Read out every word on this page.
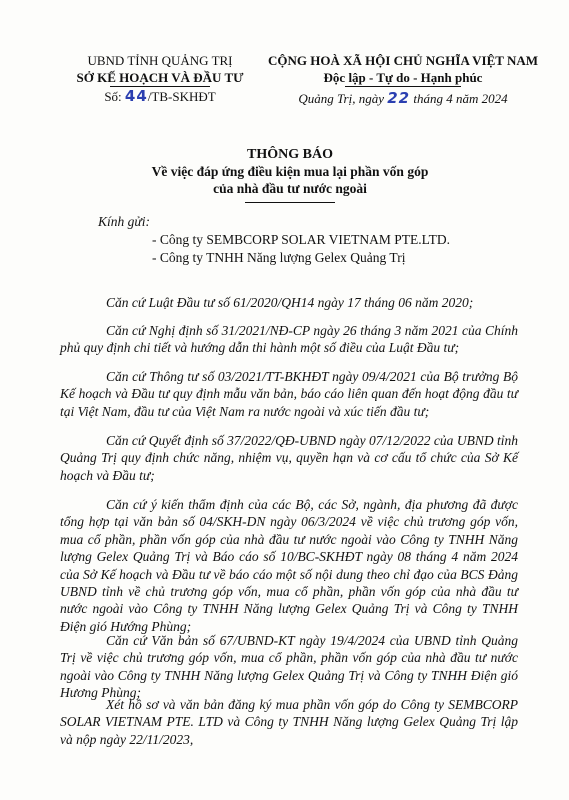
UBND TỈNH QUẢNG TRỊ
SỞ KẾ HOẠCH VÀ ĐẦU TƯ
Số: 44/TB-SKHĐT
CỘNG HOÀ XÃ HỘI CHỦ NGHĨA VIỆT NAM
Độc lập - Tự do - Hạnh phúc
Quảng Trị, ngày 22 tháng 4 năm 2024
THÔNG BÁO
Về việc đáp ứng điều kiện mua lại phần vốn góp
của nhà đầu tư nước ngoài
Kính gửi:
- Công ty SEMBCORP SOLAR VIETNAM PTE.LTD.
- Công ty TNHH Năng lượng Gelex Quảng Trị

Căn cứ Luật Đầu tư số 61/2020/QH14 ngày 17 tháng 06 năm 2020;

Căn cứ Nghị định số 31/2021/NĐ-CP ngày 26 tháng 3 năm 2021 của Chính phủ quy định chi tiết và hướng dẫn thi hành một số điều của Luật Đầu tư;

Căn cứ Thông tư số 03/2021/TT-BKHĐT ngày 09/4/2021 của Bộ trưởng Bộ Kế hoạch và Đầu tư quy định mẫu văn bản, báo cáo liên quan đến hoạt động đầu tư tại Việt Nam, đầu tư của Việt Nam ra nước ngoài và xúc tiến đầu tư;

Căn cứ Quyết định số 37/2022/QĐ-UBND ngày 07/12/2022 của UBND tỉnh Quảng Trị quy định chức năng, nhiệm vụ, quyền hạn và cơ cấu tổ chức của Sở Kế hoạch và Đầu tư;

Căn cứ ý kiến thẩm định của các Bộ, các Sở, ngành, địa phương đã được tổng hợp tại văn bản số 04/SKH-DN ngày 06/3/2024 về việc chủ trương góp vốn, mua cổ phần, phần vốn góp của nhà đầu tư nước ngoài vào Công ty TNHH Năng lượng Gelex Quảng Trị và Báo cáo số 10/BC-SKHĐT ngày 08 tháng 4 năm 2024 của Sở Kế hoạch và Đầu tư về báo cáo một số nội dung theo chỉ đạo của BCS Đảng UBND tỉnh về chủ trương góp vốn, mua cổ phần, phần vốn góp của nhà đầu tư nước ngoài vào Công ty TNHH Năng lượng Gelex Quảng Trị và Công ty TNHH Điện gió Hướng Phùng;

Căn cứ Văn bản số 67/UBND-KT ngày 19/4/2024 của UBND tỉnh Quảng Trị về việc chủ trương góp vốn, mua cổ phần, phần vốn góp của nhà đầu tư nước ngoài vào Công ty TNHH Năng lượng Gelex Quảng Trị và Công ty TNHH Điện gió Hương Phùng;

Xét hồ sơ và văn bản đăng ký mua phần vốn góp do Công ty SEMBCORP SOLAR VIETNAM PTE. LTD và Công ty TNHH Năng lượng Gelex Quảng Trị lập và nộp ngày 22/11/2023,
